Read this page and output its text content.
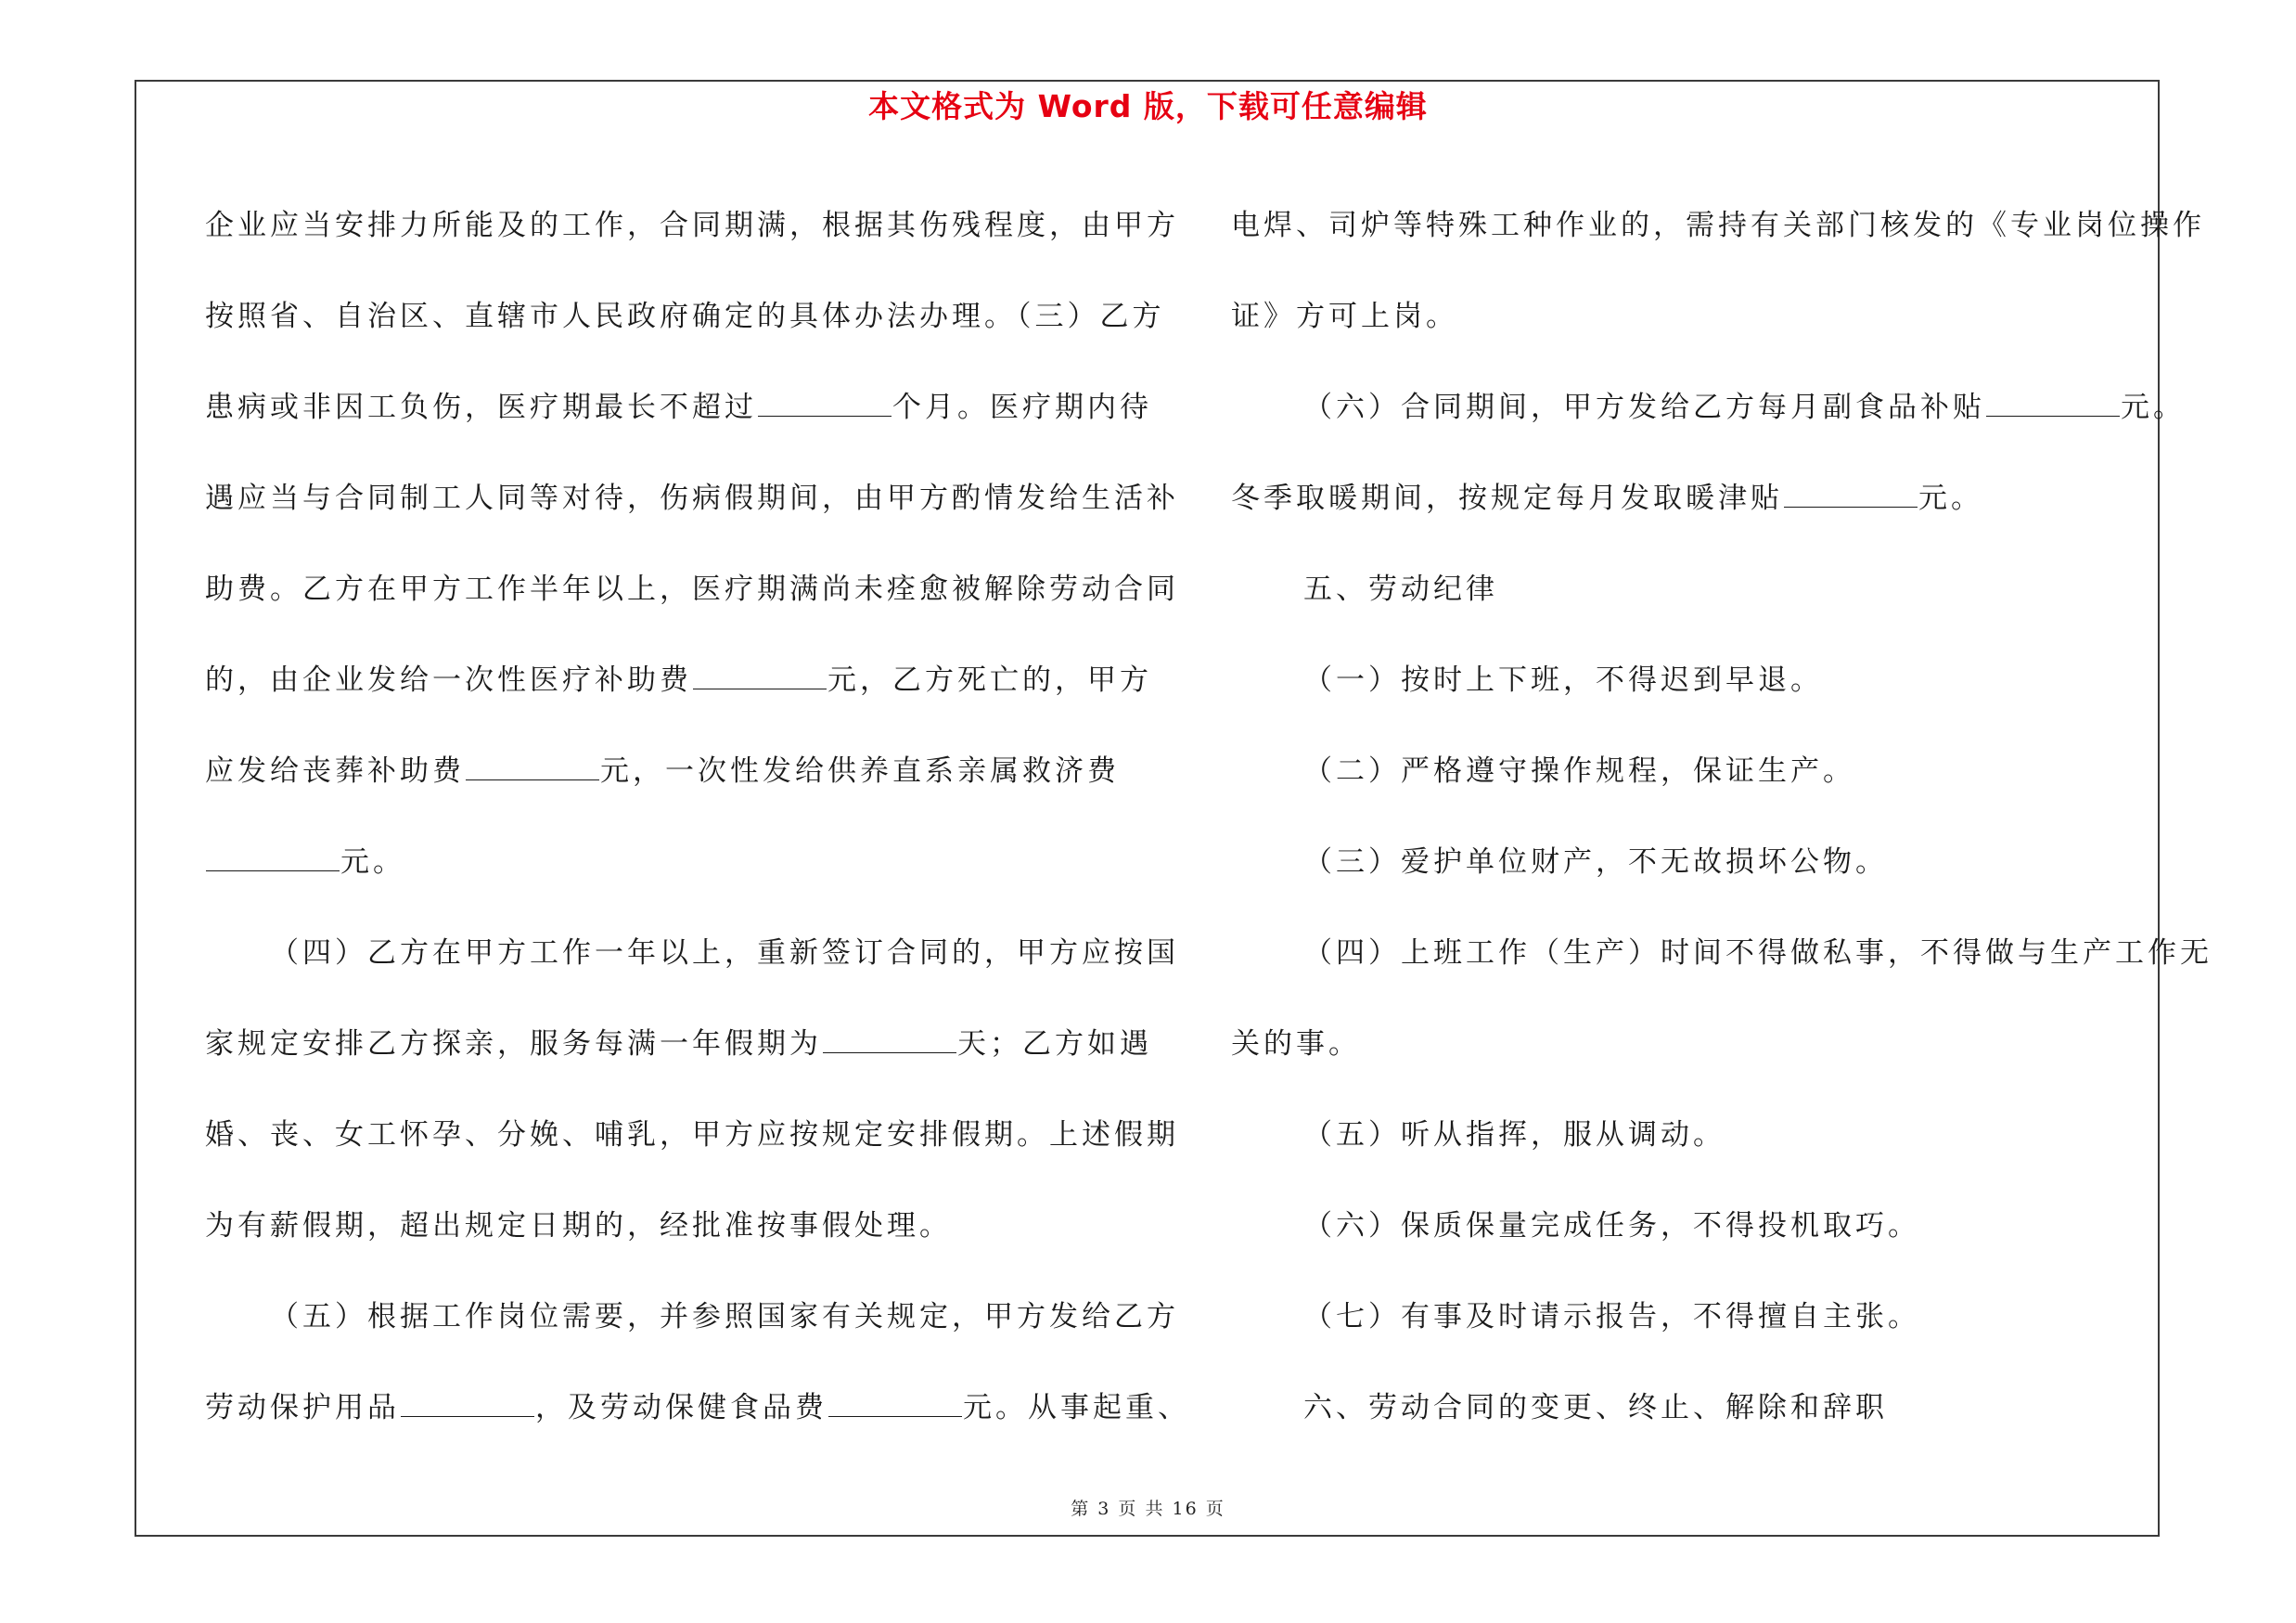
本文格式为 Word 版，下载可任意编辑
企业应当安排力所能及的工作，合同期满，根据其伤残程度，由甲方
按照省、自治区、直辖市人民政府确定的具体办法办理。（三）乙方
患病或非因工负伤，医疗期最长不超过	个月。医疗期内待
遇应当与合同制工人同等对待，伤病假期间，由甲方酌情发给生活补
助费。乙方在甲方工作半年以上，医疗期满尚未痊愈被解除劳动合同
的，由企业发给一次性医疗补助费	元，乙方死亡的，甲方
应发给丧葬补助费	元，一次性发给供养直系亲属救济费
元。
（四）乙方在甲方工作一年以上，重新签订合同的，甲方应按国
家规定安排乙方探亲，服务每满一年假期为	天；乙方如遇
婚、丧、女工怀孕、分娩、哺乳，甲方应按规定安排假期。上述假期
为有薪假期，超出规定日期的，经批准按事假处理。
（五）根据工作岗位需要，并参照国家有关规定，甲方发给乙方
劳动保护用品	，及劳动保健食品费	元。从事起重、
电焊、司炉等特殊工种作业的，需持有关部门核发的《专业岗位操作
证》方可上岗。
（六）合同期间，甲方发给乙方每月副食品补贴	元。
冬季取暖期间，按规定每月发取暖津贴	元。
五、劳动纪律
（一）按时上下班，不得迟到早退。
（二）严格遵守操作规程，保证生产。
（三）爱护单位财产，不无故损坏公物。
（四）上班工作（生产）时间不得做私事，不得做与生产工作无
关的事。
（五）听从指挥，服从调动。
（六）保质保量完成任务，不得投机取巧。
（七）有事及时请示报告，不得擅自主张。
六、劳动合同的变更、终止、解除和辞职
第 3 页 共 16 页
